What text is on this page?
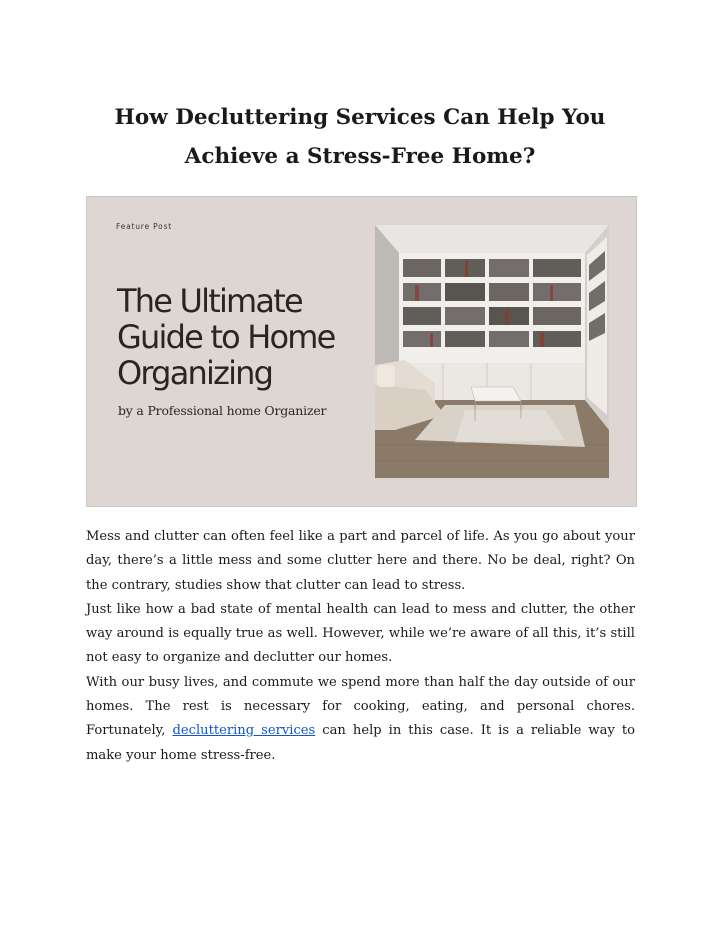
How Decluttering Services Can Help You
Achieve a Stress-Free Home?
Feature Post
The Ultimate
Guide to Home
Organizing
by a Professional home Organizer

Mess and clutter can often feel like a part and parcel of life. As you go about your day, there’s a little mess and some clutter here and there. No be deal, right? On the contrary, studies show that clutter can lead to stress.

Just like how a bad state of mental health can lead to mess and clutter, the other way around is equally true as well. However, while we’re aware of all this, it’s still not easy to organize and declutter our homes.

With our busy lives, and commute we spend more than half the day outside of our homes. The rest is necessary for cooking, eating, and personal chores. Fortunately, decluttering services can help in this case. It is a reliable way to make your home stress-free.
